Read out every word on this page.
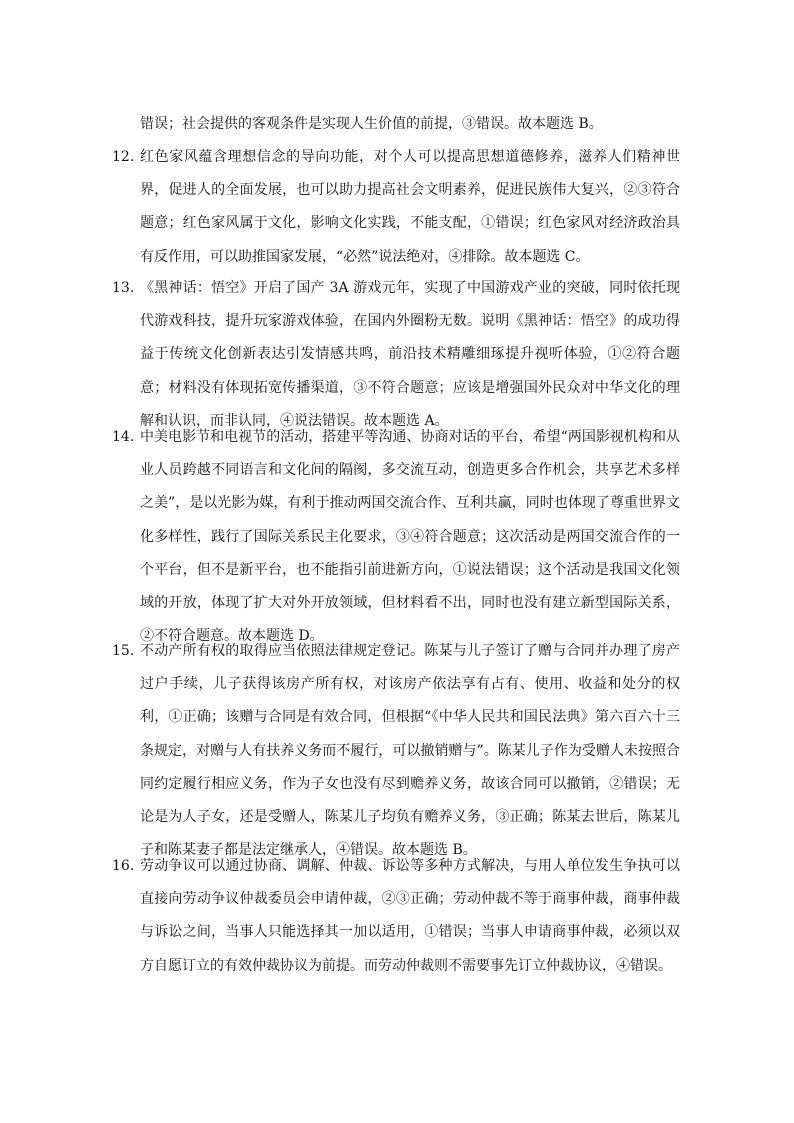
错误；社会提供的客观条件是实现人生价值的前提，③错误。故本题选 B。
12. 红色家风蕴含理想信念的导向功能，对个人可以提高思想道德修养，滋养人们精神世界，促进人的全面发展，也可以助力提高社会文明素养，促进民族伟大复兴，②③符合题意；红色家风属于文化，影响文化实践，不能支配，①错误；红色家风对经济政治具有反作用，可以助推国家发展，“必然”说法绝对，④排除。故本题选 C。
13. 《黑神话：悟空》开启了国产 3A 游戏元年，实现了中国游戏产业的突破，同时依托现代游戏科技，提升玩家游戏体验，在国内外圈粉无数。说明《黑神话：悟空》的成功得益于传统文化创新表达引发情感共鸣，前沿技术精雕细琢提升视听体验，①②符合题意；材料没有体现拓宽传播渠道，③不符合题意；应该是增强国外民众对中华文化的理解和认识，而非认同，④说法错误。故本题选 A。
14. 中美电影节和电视节的活动，搭建平等沟通、协商对话的平台，希望“两国影视机构和从业人员跨越不同语言和文化间的隔阂，多交流互动，创造更多合作机会，共享艺术多样之美”，是以光影为媒，有利于推动两国交流合作、互利共赢，同时也体现了尊重世界文化多样性，践行了国际关系民主化要求，③④符合题意；这次活动是两国交流合作的一个平台，但不是新平台，也不能指引前进新方向，①说法错误；这个活动是我国文化领域的开放，体现了扩大对外开放领域，但材料看不出，同时也没有建立新型国际关系，②不符合题意。故本题选 D。
15. 不动产所有权的取得应当依照法律规定登记。陈某与儿子签订了赠与合同并办理了房产过户手续，儿子获得该房产所有权，对该房产依法享有占有、使用、收益和处分的权利，①正确；该赠与合同是有效合同，但根据“《中华人民共和国民法典》第六百六十三条规定，对赠与人有扶养义务而不履行，可以撤销赠与”。陈某儿子作为受赠人未按照合同约定履行相应义务，作为子女也没有尽到赡养义务，故该合同可以撤销，②错误；无论是为人子女，还是受赠人，陈某儿子均负有赡养义务，③正确；陈某去世后，陈某儿子和陈某妻子都是法定继承人，④错误。故本题选 B。
16. 劳动争议可以通过协商、调解、仲裁、诉讼等多种方式解决，与用人单位发生争执可以直接向劳动争议仲裁委员会申请仲裁，②③正确；劳动仲裁不等于商事仲裁，商事仲裁与诉讼之间，当事人只能选择其一加以适用，①错误；当事人申请商事仲裁，必须以双方自愿订立的有效仲裁协议为前提。而劳动仲裁则不需要事先订立仲裁协议，④错误。
